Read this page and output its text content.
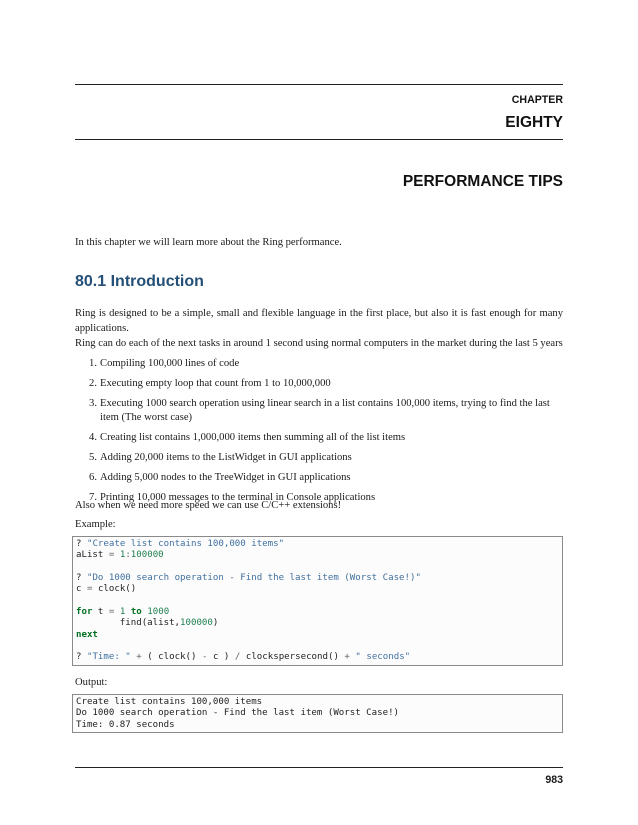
CHAPTER
EIGHTY
PERFORMANCE TIPS
In this chapter we will learn more about the Ring performance.
80.1 Introduction
Ring is designed to be a simple, small and flexible language in the first place, but also it is fast enough for many applications.
Ring can do each of the next tasks in around 1 second using normal computers in the market during the last 5 years
1. Compiling 100,000 lines of code
2. Executing empty loop that count from 1 to 10,000,000
3. Executing 1000 search operation using linear search in a list contains 100,000 items, trying to find the last item (The worst case)
4. Creating list contains 1,000,000 items then summing all of the list items
5. Adding 20,000 items to the ListWidget in GUI applications
6. Adding 5,000 nodes to the TreeWidget in GUI applications
7. Printing 10,000 messages to the terminal in Console applications
Also when we need more speed we can use C/C++ extensions!
Example:
? "Create list contains 100,000 items"
aList = 1:100000
? "Do 1000 search operation - Find the last item (Worst Case!)"
c = clock()
for t = 1 to 1000
find(alist,100000)
next
? "Time: " + ( clock() - c ) / clockspersecond() + " seconds"
Output:
Create list contains 100,000 items
Do 1000 search operation - Find the last item (Worst Case!)
Time: 0.87 seconds
983
